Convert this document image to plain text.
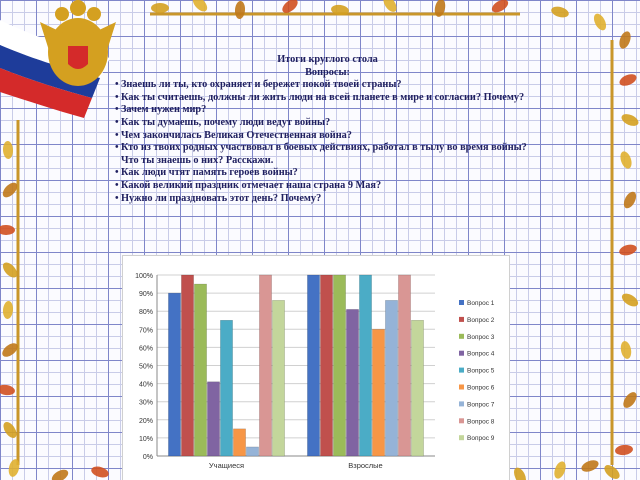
Итоги круглого стола
Вопросы:
• Знаешь ли ты, кто охраняет и бережет покой твоей страны?
• Как ты считаешь, должны ли жить люди на всей планете в мире и согласии? Почему?
• Зачем нужен мир?
• Как ты думаешь, почему люди ведут войны?
• Чем закончилась Великая Отечественная война?
• Кто из твоих родных участвовал в боевых действиях, работал в тылу во время войны? Что ты знаешь о них? Расскажи.
• Как люди чтят память героев войны?
• Какой великий праздник отмечает наша страна 9 Мая?
• Нужно ли праздновать этот день? Почему?
0%
10%
20%
30%
40%
50%
60%
70%
80%
90%
100%
Учащиеся	Взрослые
Вопрос 1
Вопрос 2
Вопрос 3
Вопрос 4
Вопрос 5
Вопрос 6
Вопрос 7
Вопрос 8
Вопрос 9
